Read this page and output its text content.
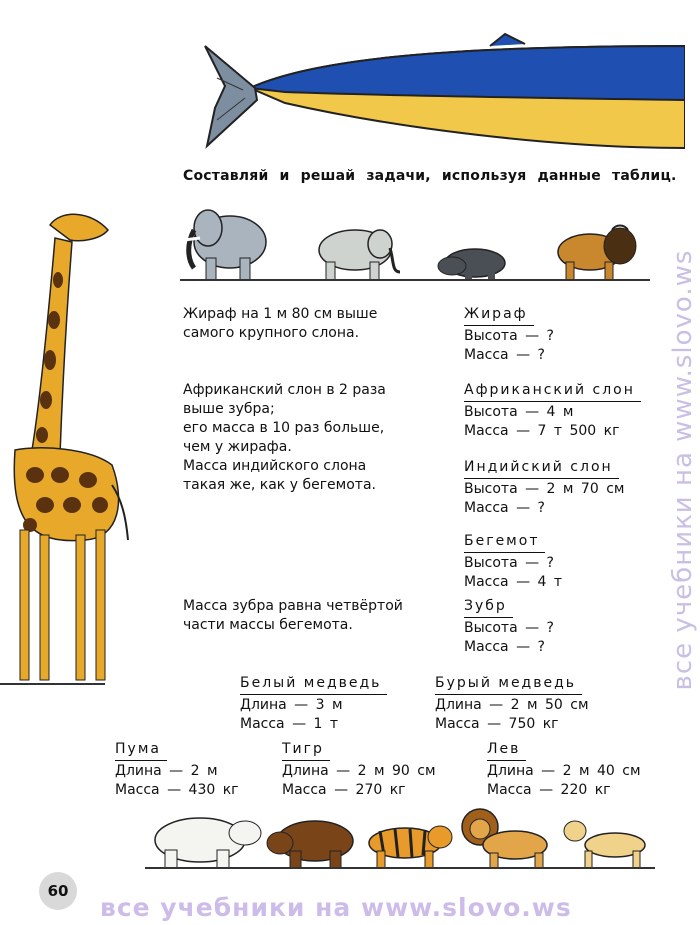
Составляй и решай задачи, используя данные таблиц.
Жираф на 1 м 80 см выше
самого крупного слона.
Африканский слон в 2 раза
выше зубра;
его масса в 10 раз больше,
чем у жирафа.
Масса индийского слона
такая же, как у бегемота.
Масса зубра равна четвёртой
части массы бегемота.
Жираф
Высота — ?
Масса — ?
Африканский слон
Высота — 4 м
Масса — 7 т 500 кг
Индийский слон
Высота — 2 м 70 см
Масса — ?
Бегемот
Высота — ?
Масса — 4 т
Зубр
Высота — ?
Масса — ?
Белый медведь
Длина — 3 м
Масса — 1 т
Бурый медведь
Длина — 2 м 50 см
Масса — 750 кг
Пума
Длина — 2 м
Масса — 430 кг
Тигр
Длина — 2 м 90 см
Масса — 270 кг
Лев
Длина — 2 м 40 см
Масса — 220 кг
60
все учебники на www.slovo.ws
все учебники на www.slovo.ws
